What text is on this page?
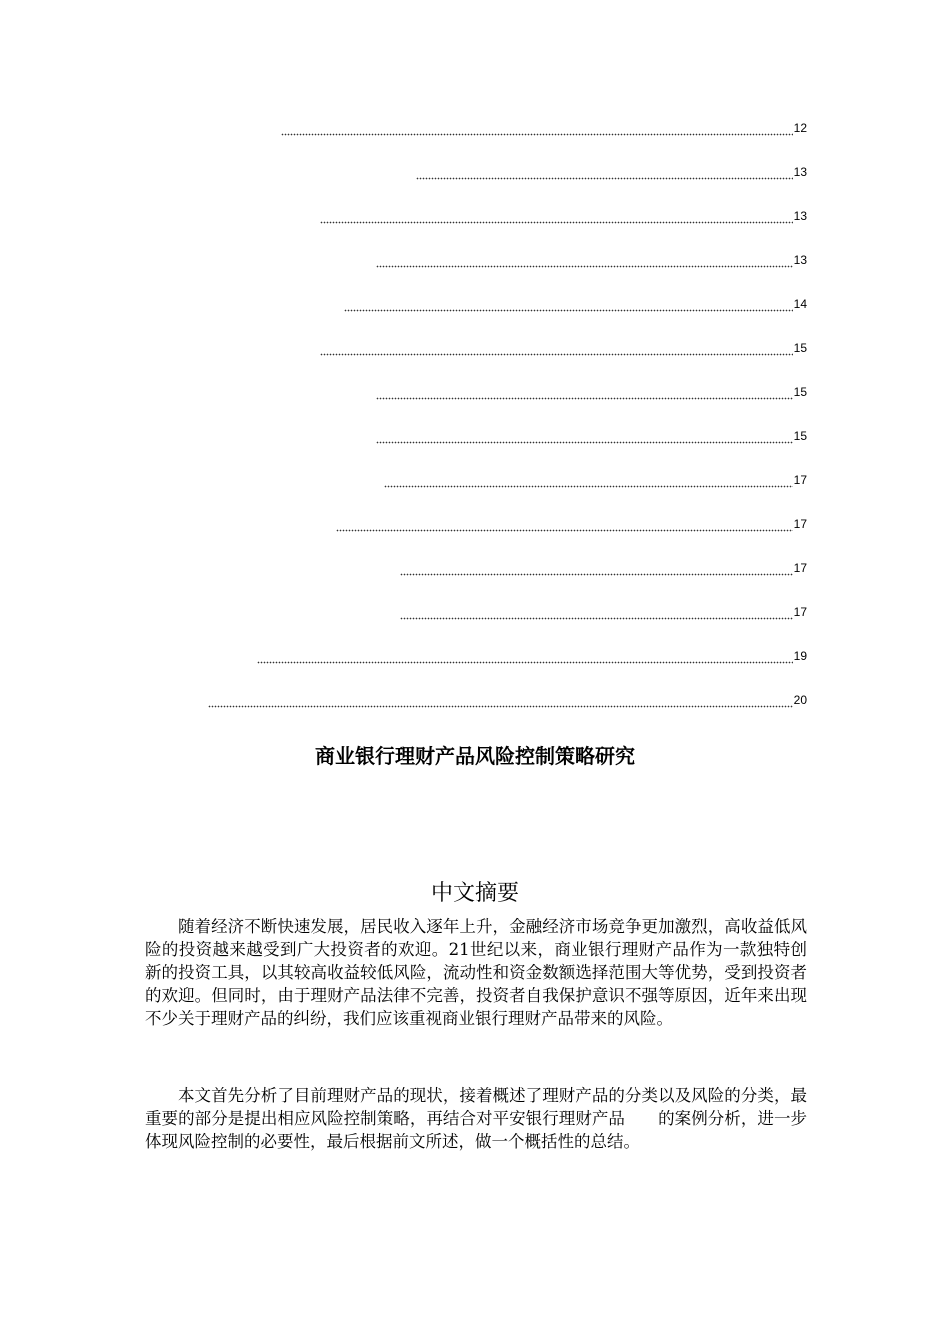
12
13
13
13
14
15
15
15
17
17
17
17
19
20
商业银行理财产品风险控制策略研究
中文摘要

随着经济不断快速发展，居民收入逐年上升，金融经济市场竞争更加激烈，高收益低风险的投资越来越受到广大投资者的欢迎。21世纪以来，商业银行理财产品作为一款独特创新的投资工具，以其较高收益较低风险，流动性和资金数额选择范围大等优势，受到投资者的欢迎。但同时，由于理财产品法律不完善，投资者自我保护意识不强等原因，近年来出现不少关于理财产品的纠纷，我们应该重视商业银行理财产品带来的风险。

本文首先分析了目前理财产品的现状，接着概述了理财产品的分类以及风险的分类，最重要的部分是提出相应风险控制策略，再结合对平安银行理财产品　　的案例分析，进一步体现风险控制的必要性，最后根据前文所述，做一个概括性的总结。
